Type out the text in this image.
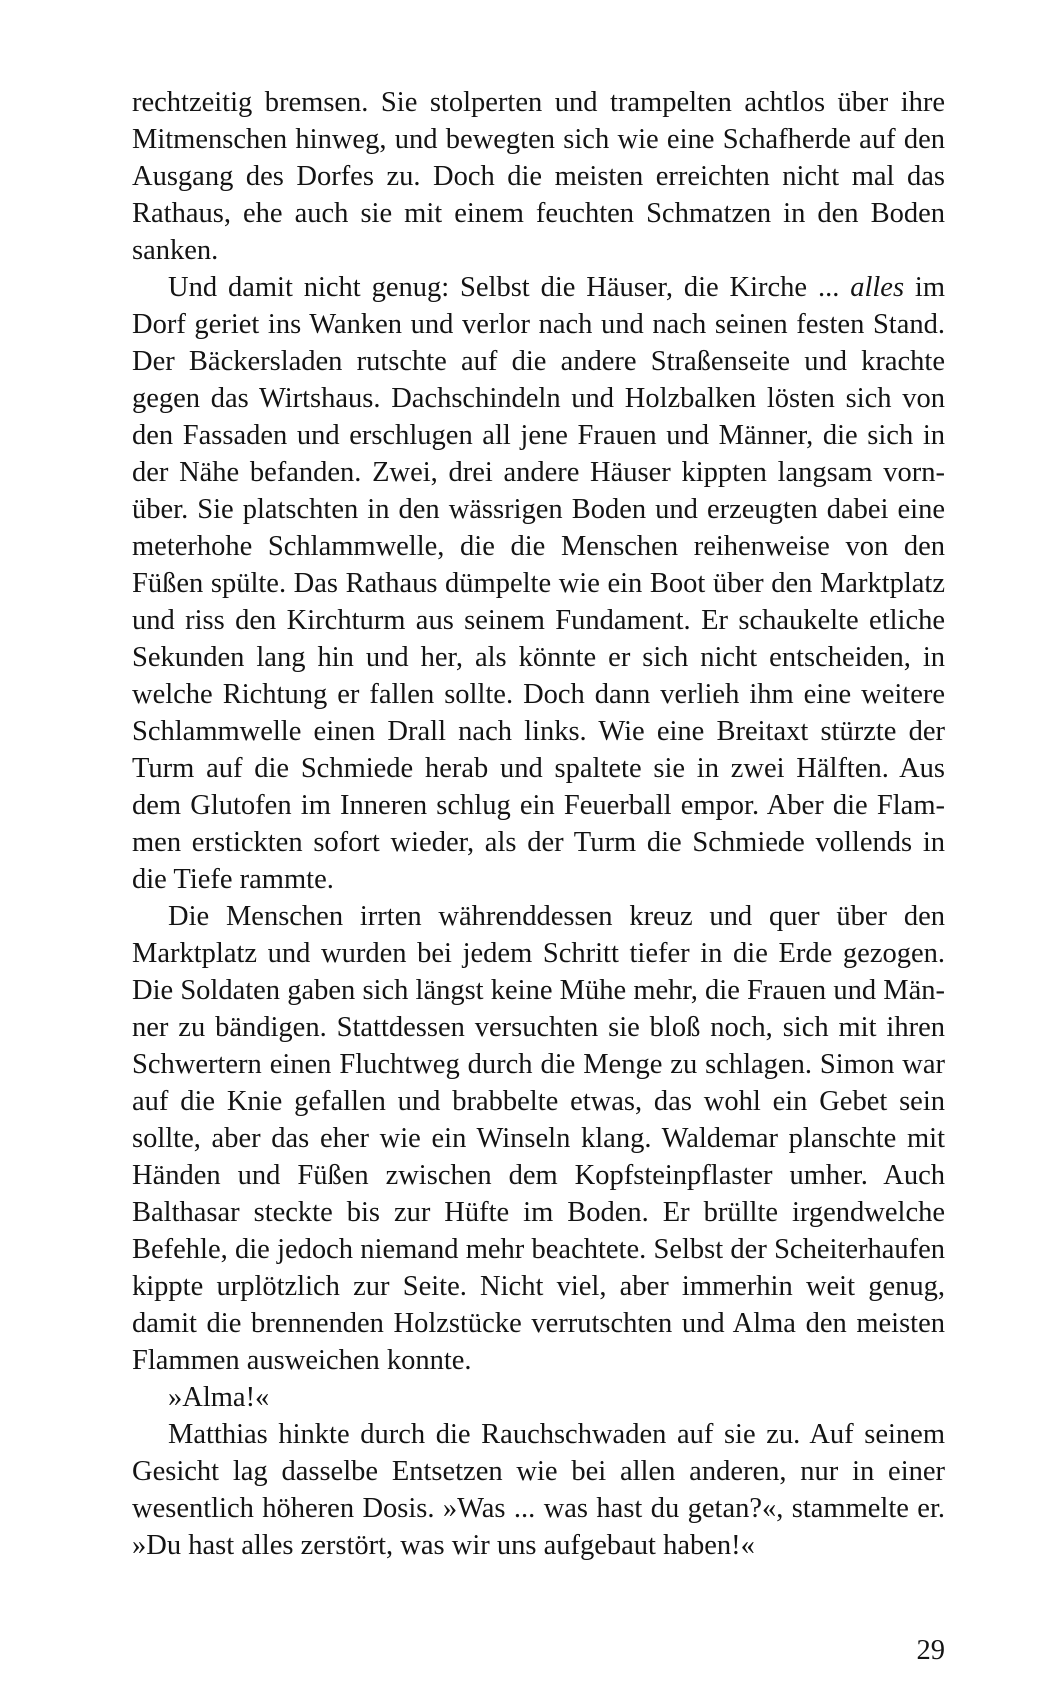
rechtzeitig bremsen. Sie stolperten und trampelten achtlos über ihre Mitmenschen hinweg, und bewegten sich wie eine Schafherde auf den Ausgang des Dorfes zu. Doch die meisten erreichten nicht mal das Rathaus, ehe auch sie mit einem feuchten Schmatzen in den Boden sanken.

Und damit nicht genug: Selbst die Häuser, die Kirche ... alles im Dorf geriet ins Wanken und verlor nach und nach seinen festen Stand. Der Bäckersladen rutschte auf die andere Straßenseite und krachte gegen das Wirtshaus. Dachschindeln und Holzbalken lösten sich von den Fassaden und erschlugen all jene Frauen und Männer, die sich in der Nähe befanden. Zwei, drei andere Häuser kippten langsam vornüber. Sie platschten in den wässrigen Boden und erzeugten dabei eine meterhohe Schlammwelle, die die Menschen reihenweise von den Füßen spülte. Das Rathaus dümpelte wie ein Boot über den Marktplatz und riss den Kirchturm aus seinem Fundament. Er schaukelte etliche Sekunden lang hin und her, als könnte er sich nicht entscheiden, in welche Richtung er fallen sollte. Doch dann verlieh ihm eine weitere Schlammwelle einen Drall nach links. Wie eine Breitaxt stürzte der Turm auf die Schmiede herab und spaltete sie in zwei Hälften. Aus dem Glutofen im Inneren schlug ein Feuerball empor. Aber die Flammen erstickten sofort wieder, als der Turm die Schmiede vollends in die Tiefe rammte.

Die Menschen irrten währenddessen kreuz und quer über den Marktplatz und wurden bei jedem Schritt tiefer in die Erde gezogen. Die Soldaten gaben sich längst keine Mühe mehr, die Frauen und Männer zu bändigen. Stattdessen versuchten sie bloß noch, sich mit ihren Schwertern einen Fluchtweg durch die Menge zu schlagen. Simon war auf die Knie gefallen und brabbelte etwas, das wohl ein Gebet sein sollte, aber das eher wie ein Winseln klang. Waldemar planschte mit Händen und Füßen zwischen dem Kopfsteinpflaster umher. Auch Balthasar steckte bis zur Hüfte im Boden. Er brüllte irgendwelche Befehle, die jedoch niemand mehr beachtete. Selbst der Scheiterhaufen kippte urplötzlich zur Seite. Nicht viel, aber immerhin weit genug, damit die brennenden Holzstücke verrutschten und Alma den meisten Flammen ausweichen konnte.

»Alma!«

Matthias hinkte durch die Rauchschwaden auf sie zu. Auf seinem Gesicht lag dasselbe Entsetzen wie bei allen anderen, nur in einer wesentlich höheren Dosis. »Was ... was hast du getan?«, stammelte er. »Du hast alles zerstört, was wir uns aufgebaut haben!«

29
